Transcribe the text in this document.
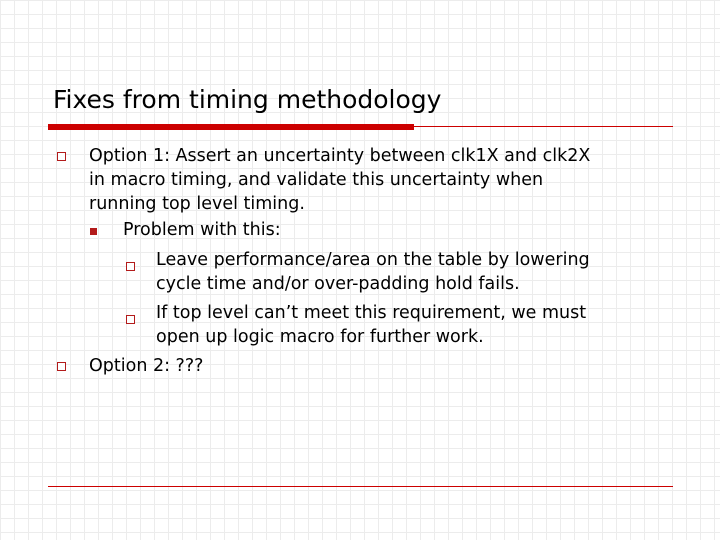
Fixes from timing methodology
Option 1: Assert an uncertainty between clk1X and clk2X
in macro timing, and validate this uncertainty when
running top level timing.
Problem with this:
Leave performance/area on the table by lowering
cycle time and/or over-padding hold fails.
If top level can’t meet this requirement, we must
open up logic macro for further work.
Option 2: ???
